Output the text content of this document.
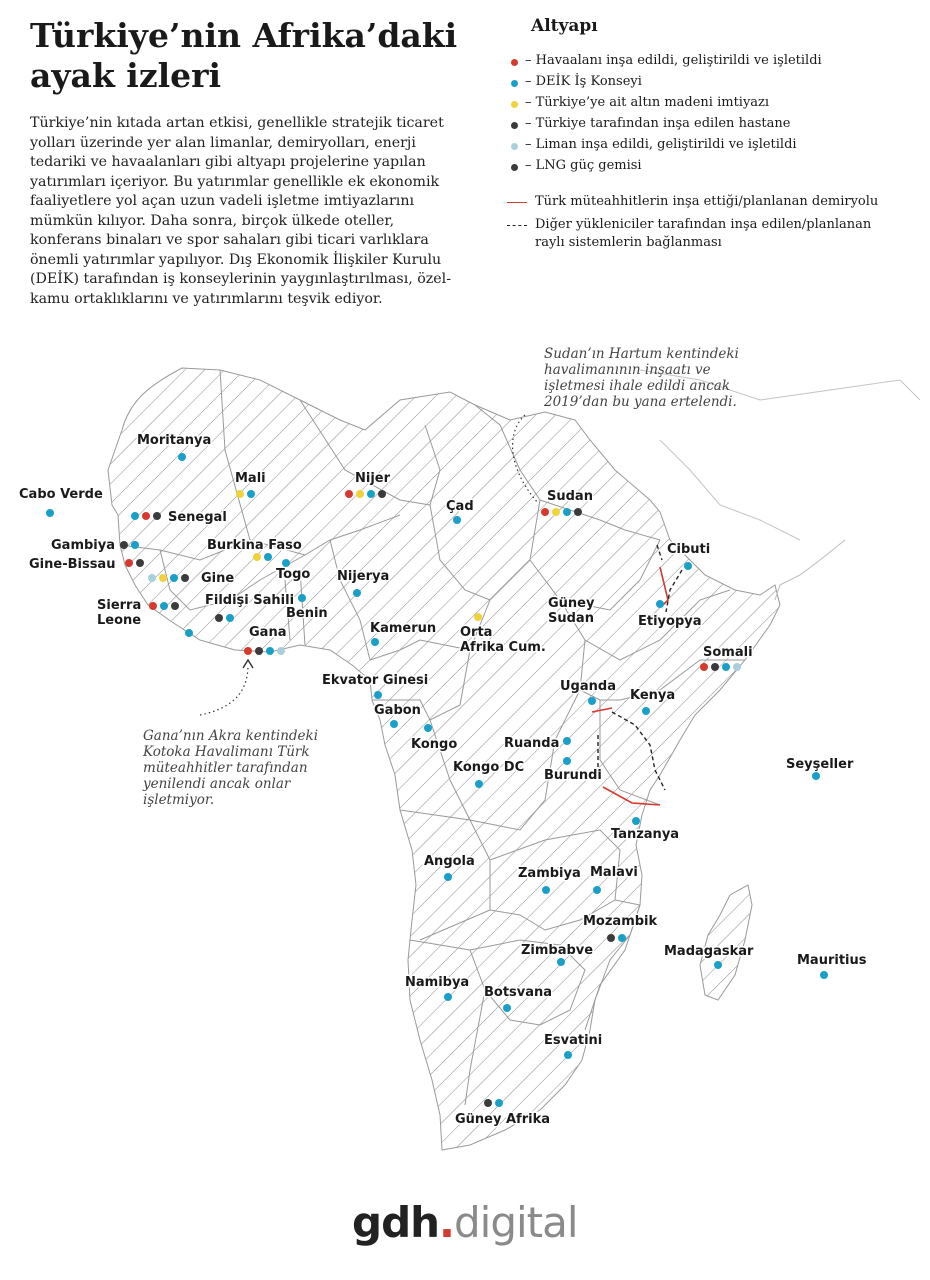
Sudan’ın Hartum kentindeki
havalimanının inşaatı ve
işletmesi ihale edildi ancak
2019’dan bu yana ertelendi.
Gana’nın Akra kentindeki
Kotoka Havalimanı Türk
müteahhitler tarafından
yenilendi ancak onlar
işletmiyor.
Moritanya
Mali	Nijer
Çad
Sudan
Cabo Verde
Senegal
Gambiya
Gine-Bissau
Gine
Burkina Faso
Togo Nijerya
Sierra Leone
Fildişi Sahili
Benin
Gana
Cibuti
Etiyopya
Güney Sudan
Kamerun Orta Afrika Cum.	Somali
Ekvator Ginesi	Uganda
Kenya
Gabon
Kongo	Ruanda
Kongo DC
Burundi
Seyşeller
Tanzanya
Angola
Zambiya Malavi
Mozambik
Madagaskar
Mauritius
Zimbabve
Namibya
Botsvana
Esvatini
Güney Afrika
Türkiye’nin Afrika’daki ayak izleri

Türkiye’nin kıtada artan etkisi, genellikle stratejik ticaret yolları üzerinde yer alan limanlar, demiryolları, enerji tedariki ve havaalanları gibi altyapı projelerine yapılan yatırımları içeriyor. Bu yatırımlar genellikle ek ekonomik faaliyetlere yol açan uzun vadeli işletme imtiyazlarını mümkün kılıyor. Daha sonra, birçok ülkede oteller, konferans binaları ve spor sahaları gibi ticari varlıklara önemli yatırımlar yapılıyor. Dış Ekonomik İlişkiler Kurulu (DEİK) tarafından iş konseylerinin yaygınlaştırılması, özel-kamu ortaklıklarını ve yatırımlarını teşvik ediyor.

Altyapı
– Havaalanı inşa edildi, geliştirildi ve işletildi
– DEİK İş Konseyi
– Türkiye’ye ait altın madeni imtiyazı
– Türkiye tarafından inşa edilen hastane
– Liman inşa edildi, geliştirildi ve işletildi
– LNG güç gemisi
Türk müteahhitlerin inşa ettiği/planlanan demiryolu
Diğer yükleniciler tarafından inşa edilen/planlanan raylı sistemlerin bağlanması
gdh.digital
